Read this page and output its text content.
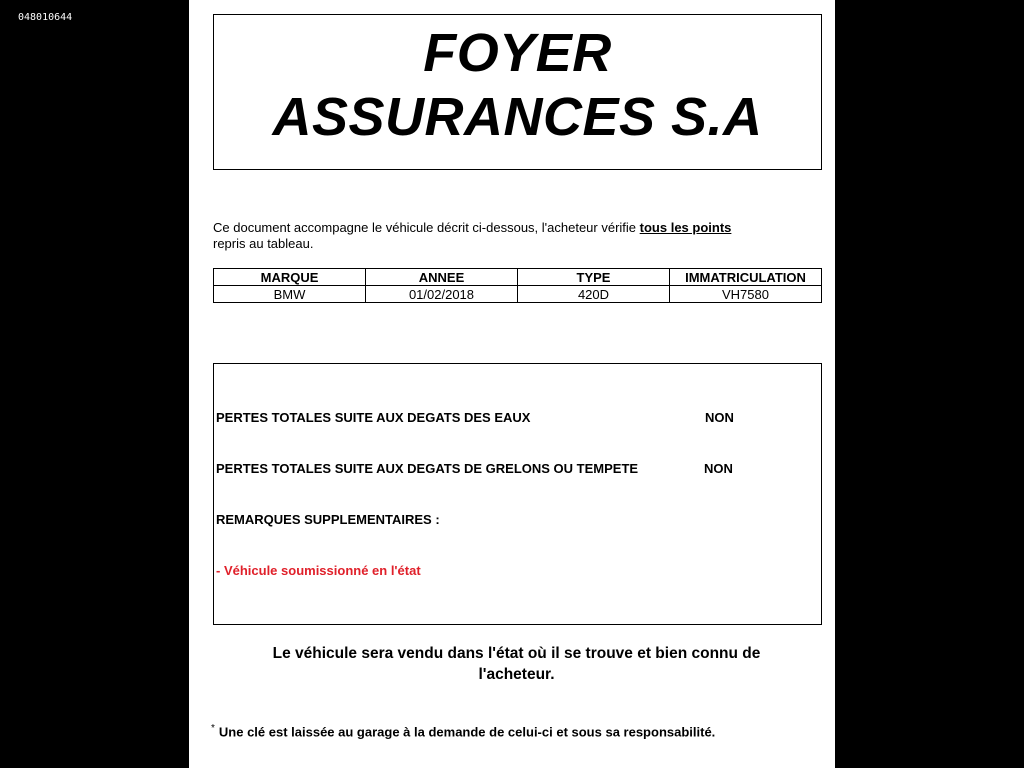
048010644
FOYER
ASSURANCES S.A
Ce document accompagne le véhicule décrit ci-dessous, l'acheteur vérifie tous les points
repris au tableau.
MARQUE	ANNEE	TYPE	IMMATRICULATION
BMW	01/02/2018	420D	VH7580
PERTES TOTALES SUITE AUX DEGATS DES EAUX	NON
PERTES TOTALES SUITE AUX DEGATS DE GRELONS OU TEMPETE	NON
REMARQUES SUPPLEMENTAIRES :
- Véhicule soumissionné en l'état
Le véhicule sera vendu dans l'état où il se trouve et bien connu de
l'acheteur.
* Une clé est laissée au garage à la demande de celui-ci et sous sa responsabilité.
